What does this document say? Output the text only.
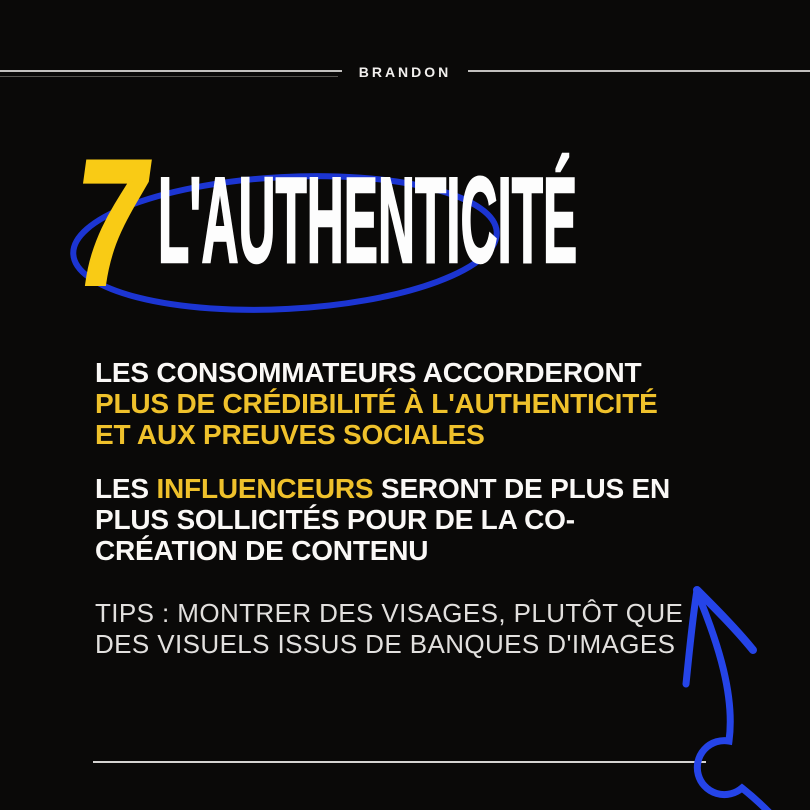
BRANDON
7 L'AUTHENTICITÉ
LES CONSOMMATEURS ACCORDERONT
PLUS DE CRÉDIBILITÉ À L'AUTHENTICITÉ
ET AUX PREUVES SOCIALES
LES INFLUENCEURS SERONT DE PLUS EN
PLUS SOLLICITÉS POUR DE LA CO-
CRÉATION DE CONTENU
TIPS : MONTRER DES VISAGES, PLUTÔT QUE
DES VISUELS ISSUS DE BANQUES D'IMAGES
